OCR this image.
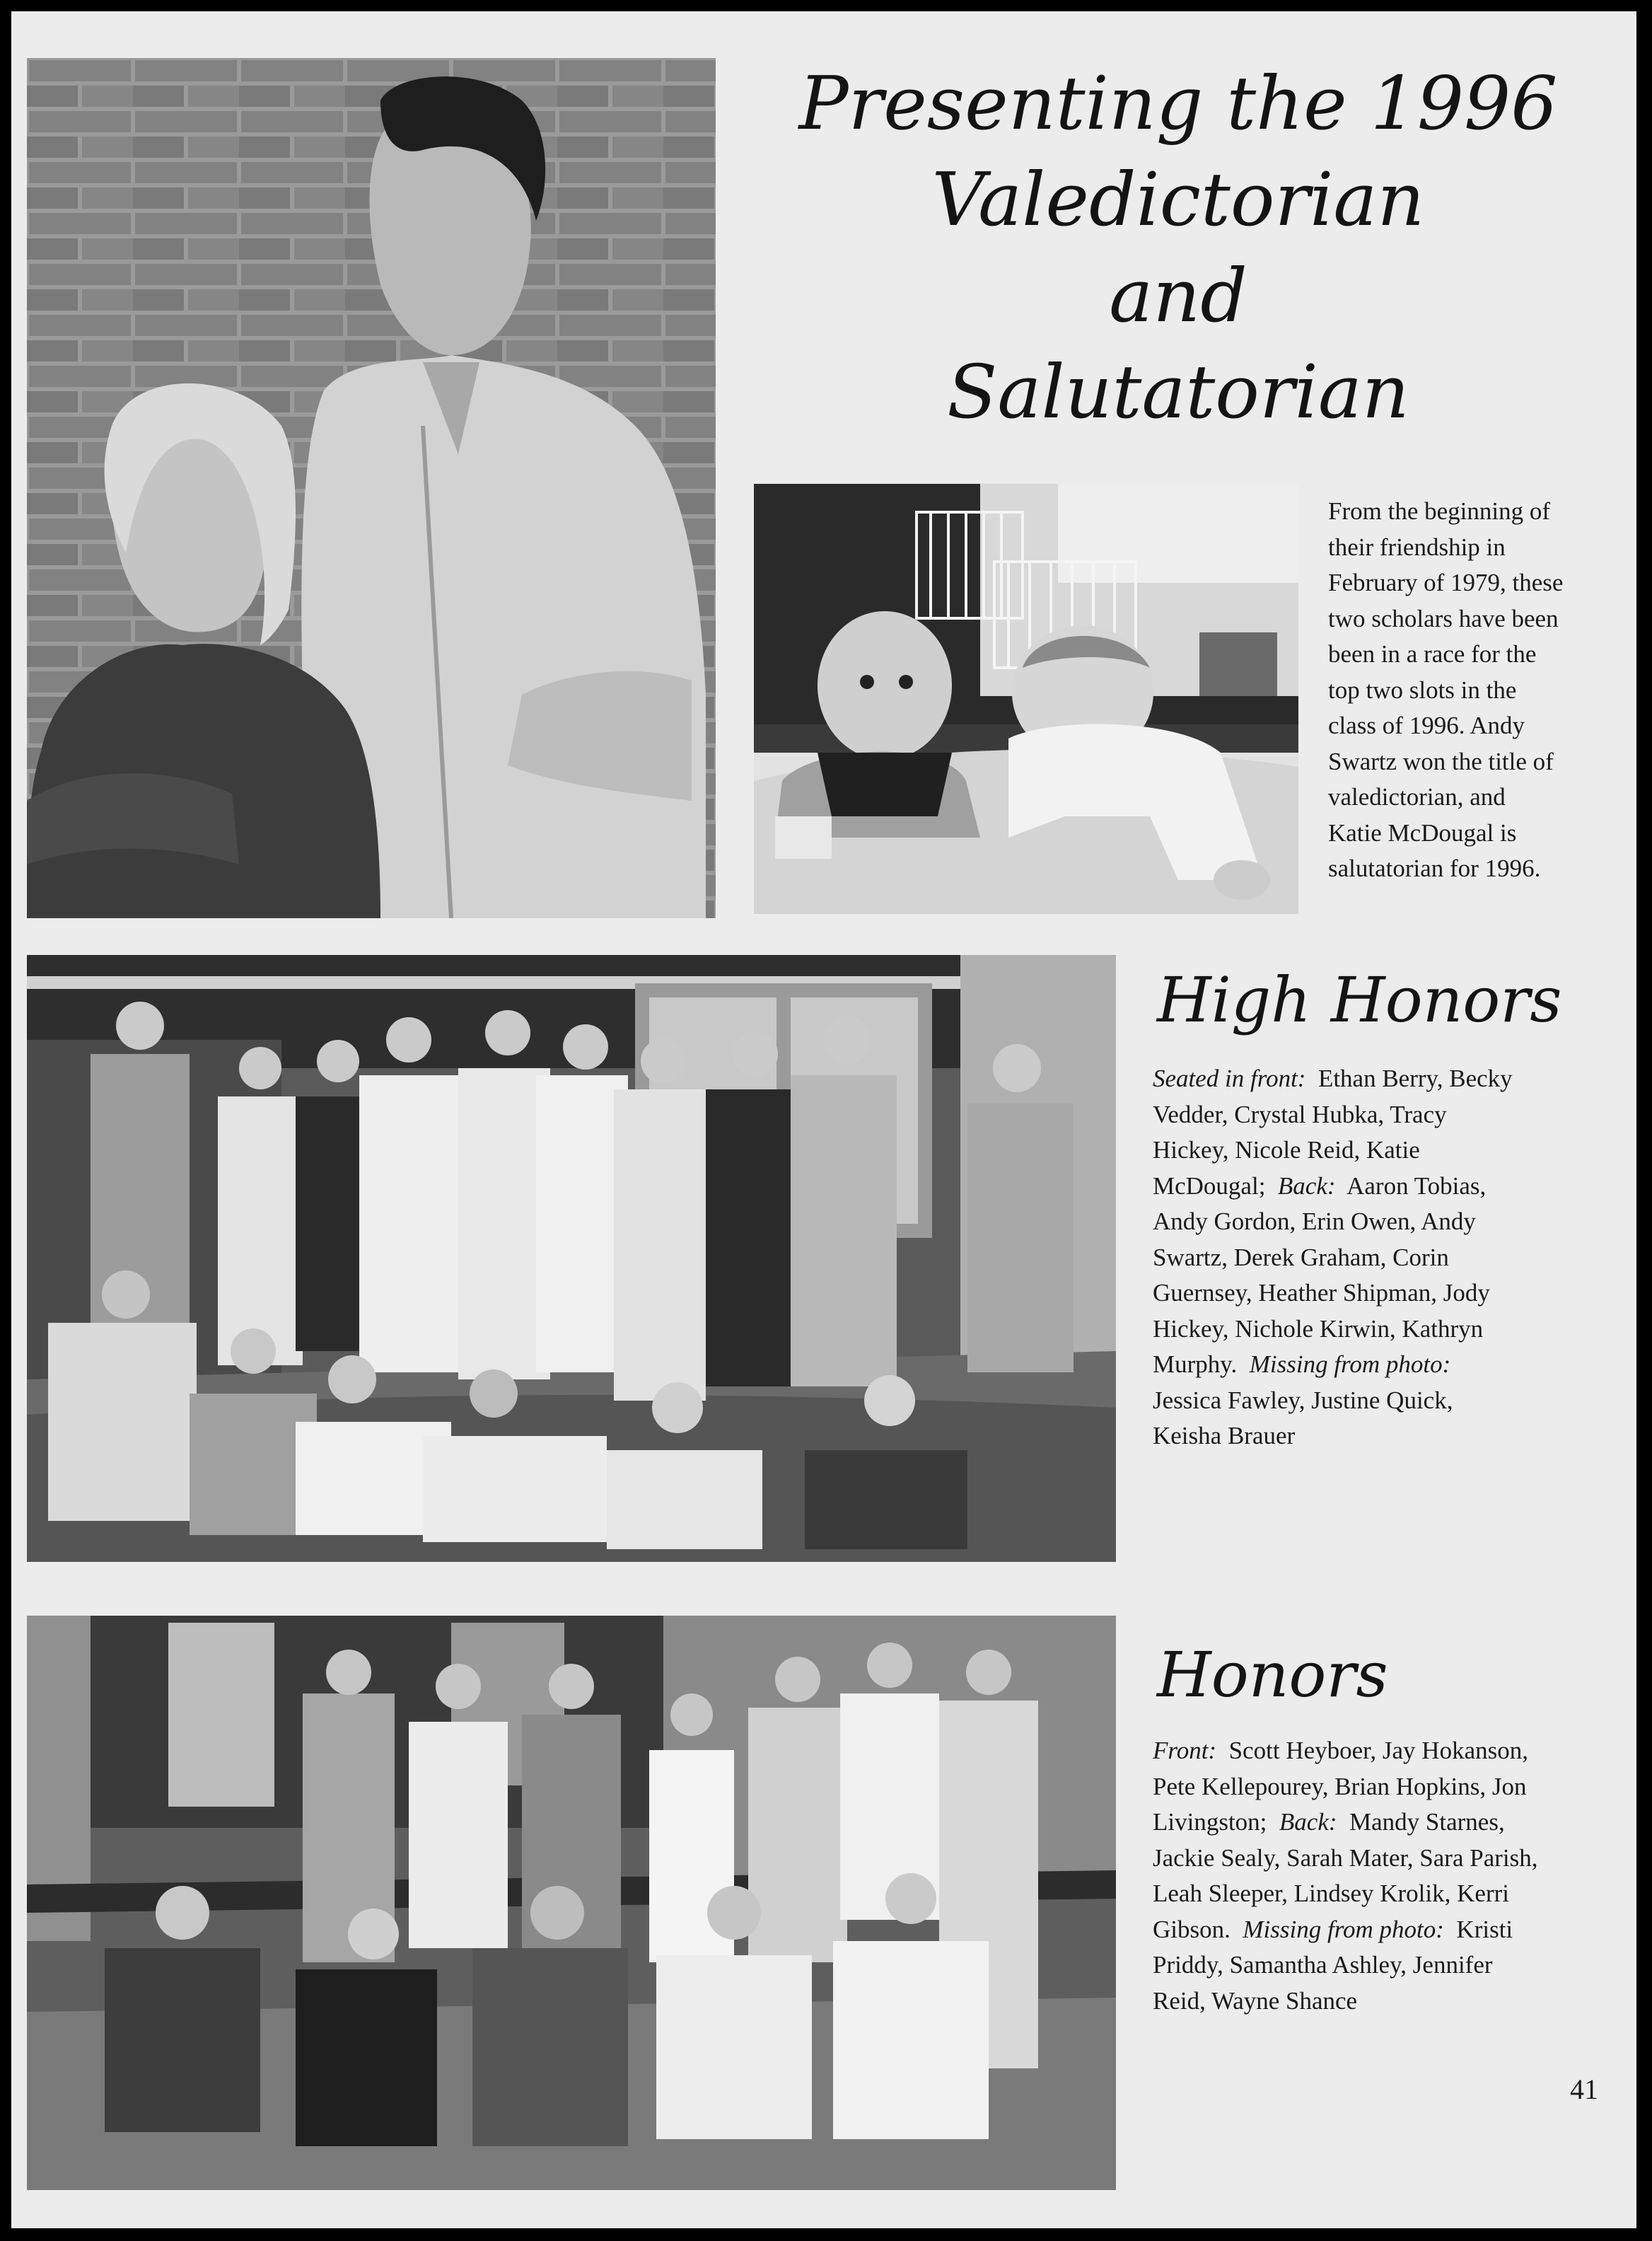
Presenting the 1996
Valedictorian
and
Salutatorian

From the beginning of
their friendship in
February of 1979, these
two scholars have been
been in a race for the
top two slots in the
class of 1996. Andy
Swartz won the title of
valedictorian, and
Katie McDougal is
salutatorian for 1996.

High Honors
Seated in front: Ethan Berry, Becky
Vedder, Crystal Hubka, Tracy
Hickey, Nicole Reid, Katie
McDougal; Back: Aaron Tobias,
Andy Gordon, Erin Owen, Andy
Swartz, Derek Graham, Corin
Guernsey, Heather Shipman, Jody
Hickey, Nichole Kirwin, Kathryn
Murphy. Missing from photo:
Jessica Fawley, Justine Quick,
Keisha Brauer
Honors
Front: Scott Heyboer, Jay Hokanson,
Pete Kellepourey, Brian Hopkins, Jon
Livingston; Back: Mandy Starnes,
Jackie Sealy, Sarah Mater, Sara Parish,
Leah Sleeper, Lindsey Krolik, Kerri
Gibson. Missing from photo: Kristi
Priddy, Samantha Ashley, Jennifer
Reid, Wayne Shance
41
